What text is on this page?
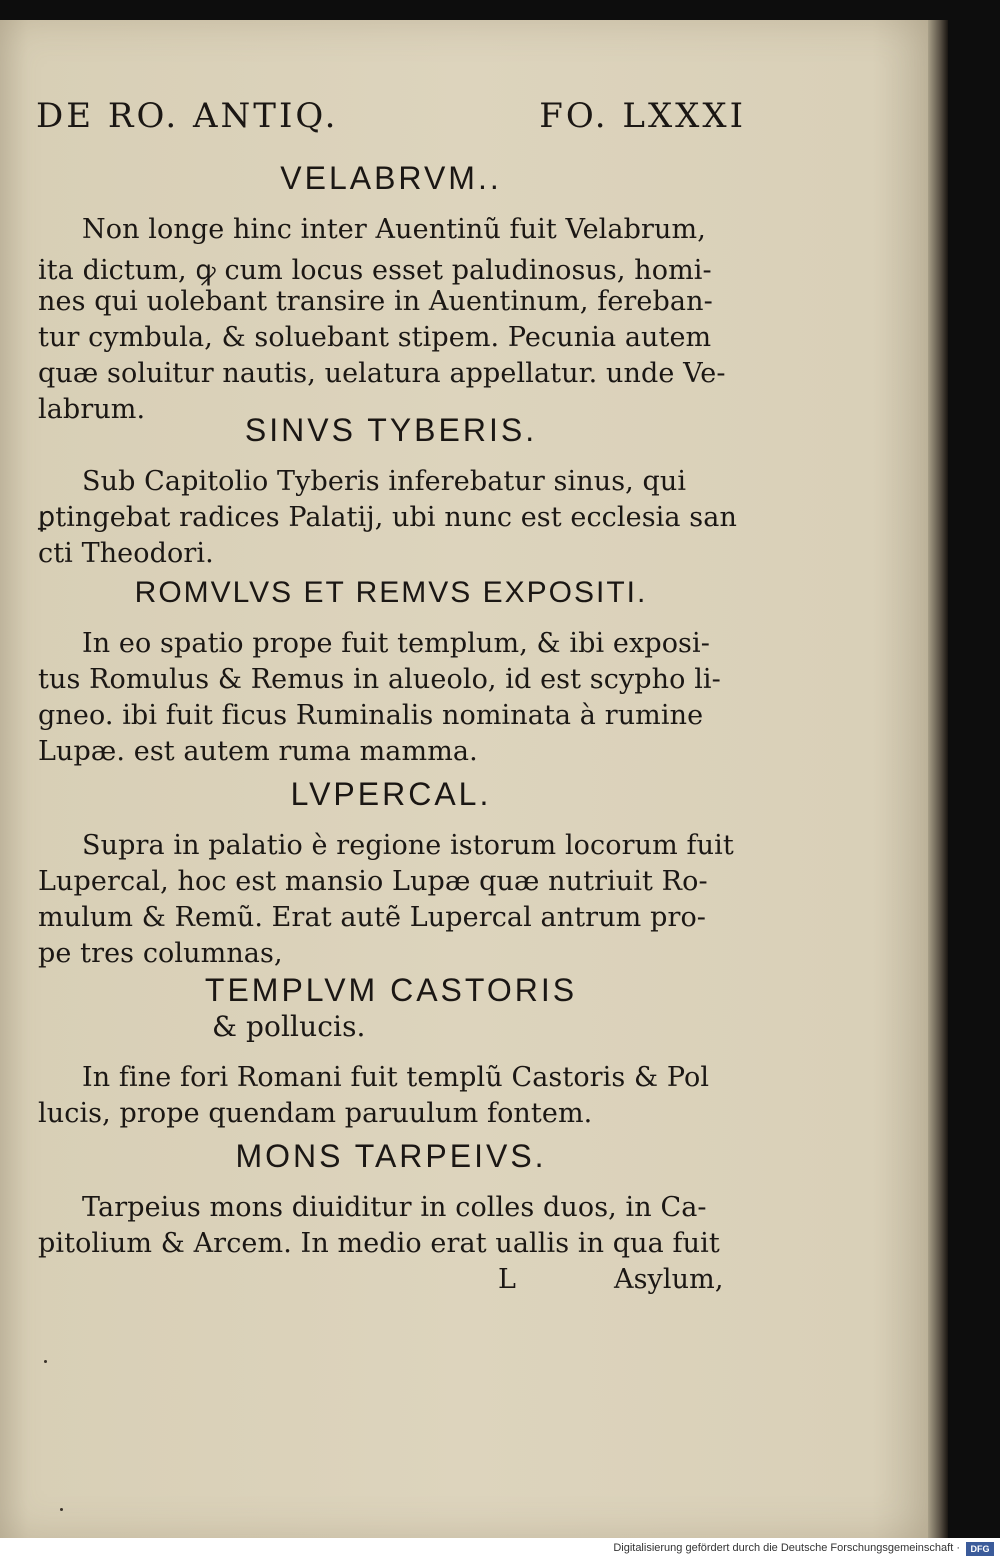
DE RO. ANTIQ.	FO. LXXXI
VELABRVM..
Non longe hinc inter Auentinũ fuit Velabrum,
ita dictum, ꝙ cum locus esset paludinosus, homi-
nes qui uolebant transire in Auentinum, fereban-
tur cymbula, & soluebant stipem. Pecunia autem
quæ soluitur nautis, uelatura appellatur. unde Ve-
labrum.
SINVS TYBERIS.
Sub Capitolio Tyberis inferebatur sinus, qui
ꝑtingebat radices Palatij, ubi nunc est ecclesia san
cti Theodori.
ROMVLVS ET REMVS EXPOSITI.
In eo spatio prope fuit templum, & ibi exposi-
tus Romulus & Remus in alueolo, id est scypho li-
gneo. ibi fuit ficus Ruminalis nominata à rumine
Lupæ. est autem ruma mamma.
LVPERCAL.
Supra in palatio è regione istorum locorum fuit
Lupercal, hoc est mansio Lupæ quæ nutriuit Ro-
mulum & Remũ. Erat autẽ Lupercal antrum pro-
pe tres columnas,
TEMPLVM CASTORIS
& pollucis.
In fine fori Romani fuit templũ Castoris & Pol
lucis, prope quendam paruulum fontem.
MONS TARPEIVS.
Tarpeius mons diuiditur in colles duos, in Ca-
pitolium & Arcem. In medio erat uallis in qua fuit
L	Asylum,
Digitalisierung gefördert durch die Deutsche Forschungsgemeinschaft ·	DFG
